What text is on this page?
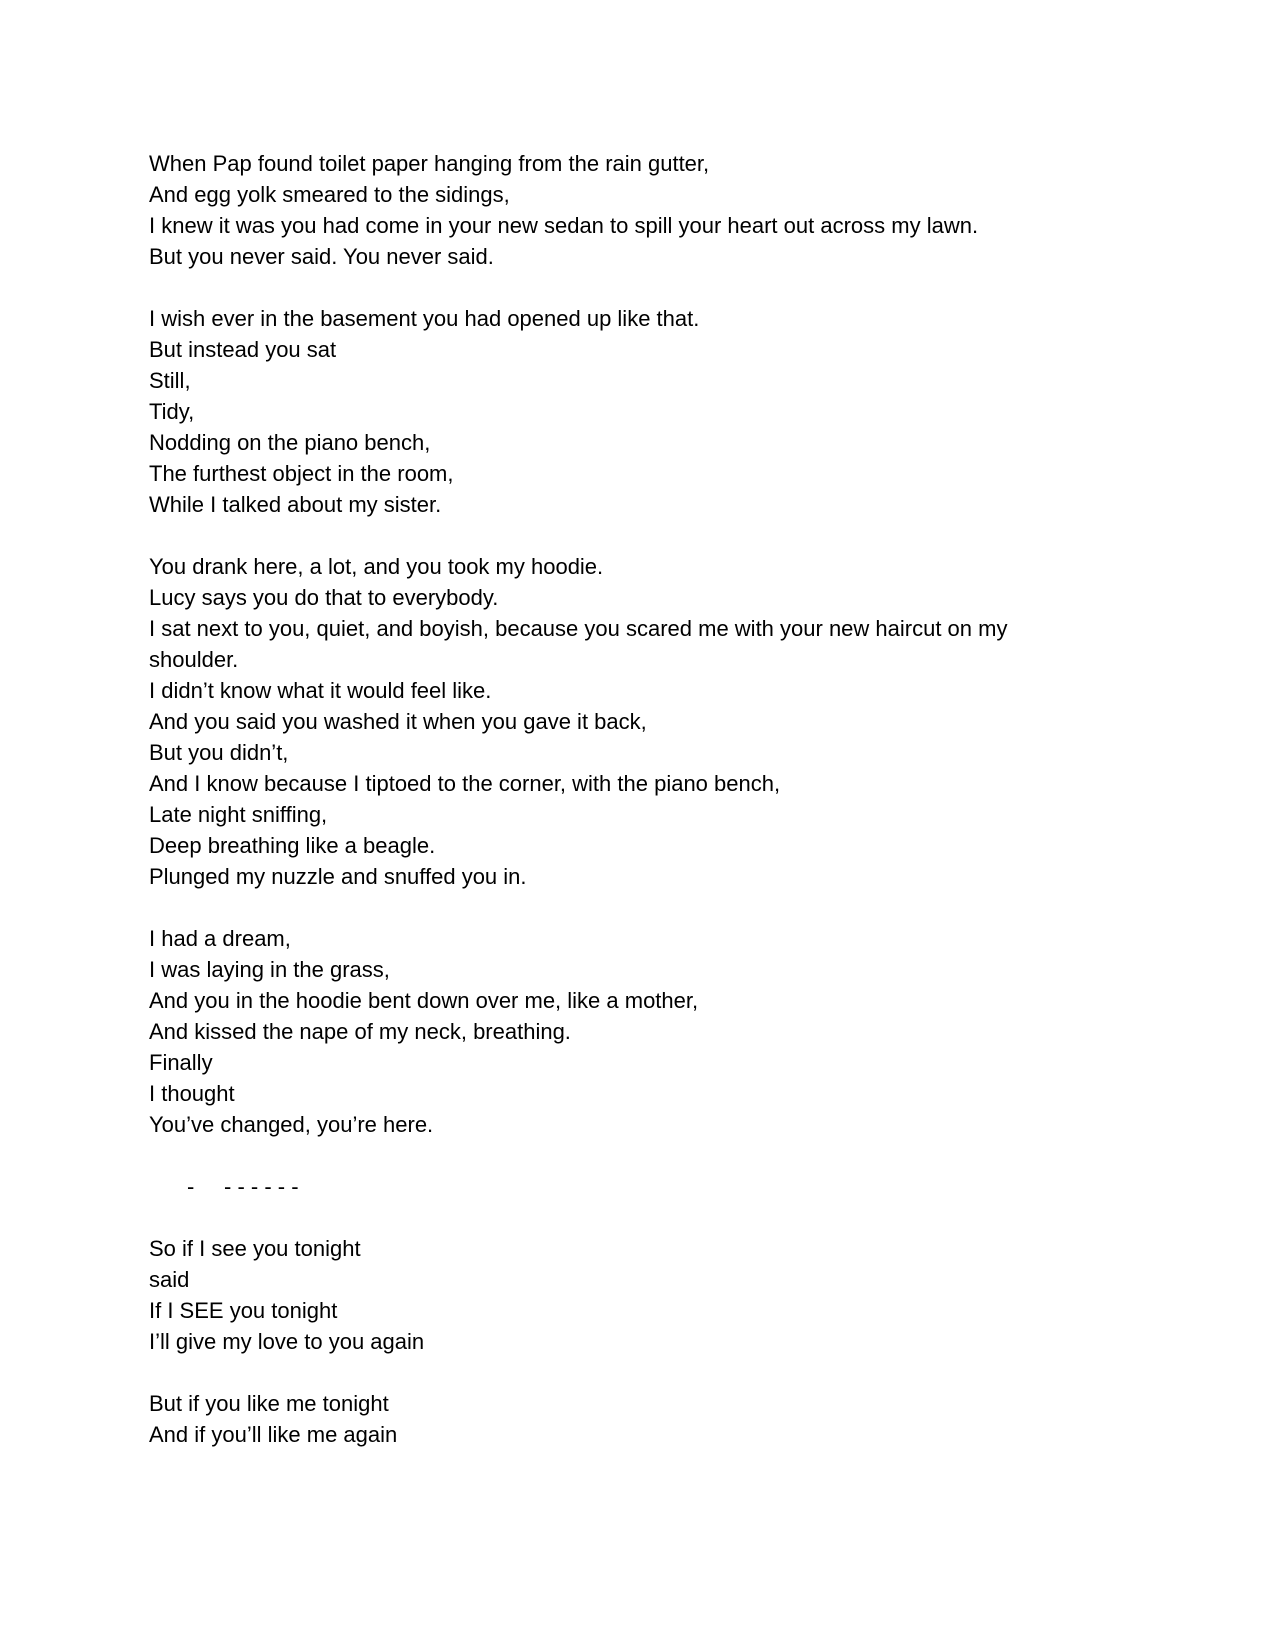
When Pap found toilet paper hanging from the rain gutter,
And egg yolk smeared to the sidings,
I knew it was you had come in your new sedan to spill your heart out across my lawn.
But you never said. You never said.
I wish ever in the basement you had opened up like that.
But instead you sat
Still,
Tidy,
Nodding on the piano bench,
The furthest object in the room,
While I talked about my sister.
You drank here, a lot, and you took my hoodie.
Lucy says you do that to everybody.
I sat next to you, quiet, and boyish, because you scared me with your new haircut on my
shoulder.
I didn’t know what it would feel like.
And you said you washed it when you gave it back,
But you didn’t,
And I know because I tiptoed to the corner, with the piano bench,
Late night sniffing,
Deep breathing like a beagle.
Plunged my nuzzle and snuffed you in.
I had a dream,
I was laying in the grass,
And you in the hoodie bent down over me, like a mother,
And kissed the nape of my neck, breathing.
Finally
I thought
You’ve changed, you’re here.
- - - - - - -
So if I see you tonight
said
If I SEE you tonight
I’ll give my love to you again
But if you like me tonight
And if you’ll like me again
